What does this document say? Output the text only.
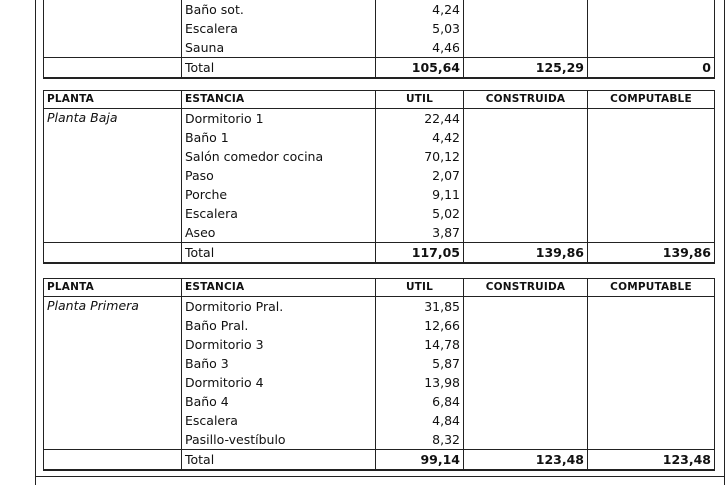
	Baño sot.	4,24		
	Escalera	5,03		
	Sauna	4,46		
	Total	105,64	125,29	0
PLANTA	ESTANCIA	UTIL	CONSTRUIDA	COMPUTABLE
Planta Baja	Dormitorio 1	22,44		
	Baño 1	4,42		
	Salón comedor cocina	70,12		
	Paso	2,07		
	Porche	9,11		
	Escalera	5,02		
	Aseo	3,87		
	Total	117,05	139,86	139,86
PLANTA	ESTANCIA	UTIL	CONSTRUIDA	COMPUTABLE
Planta Primera	Dormitorio Pral.	31,85		
	Baño Pral.	12,66		
	Dormitorio 3	14,78		
	Baño 3	5,87		
	Dormitorio 4	13,98		
	Baño 4	6,84		
	Escalera	4,84		
	Pasillo-vestíbulo	8,32		
	Total	99,14	123,48	123,48
